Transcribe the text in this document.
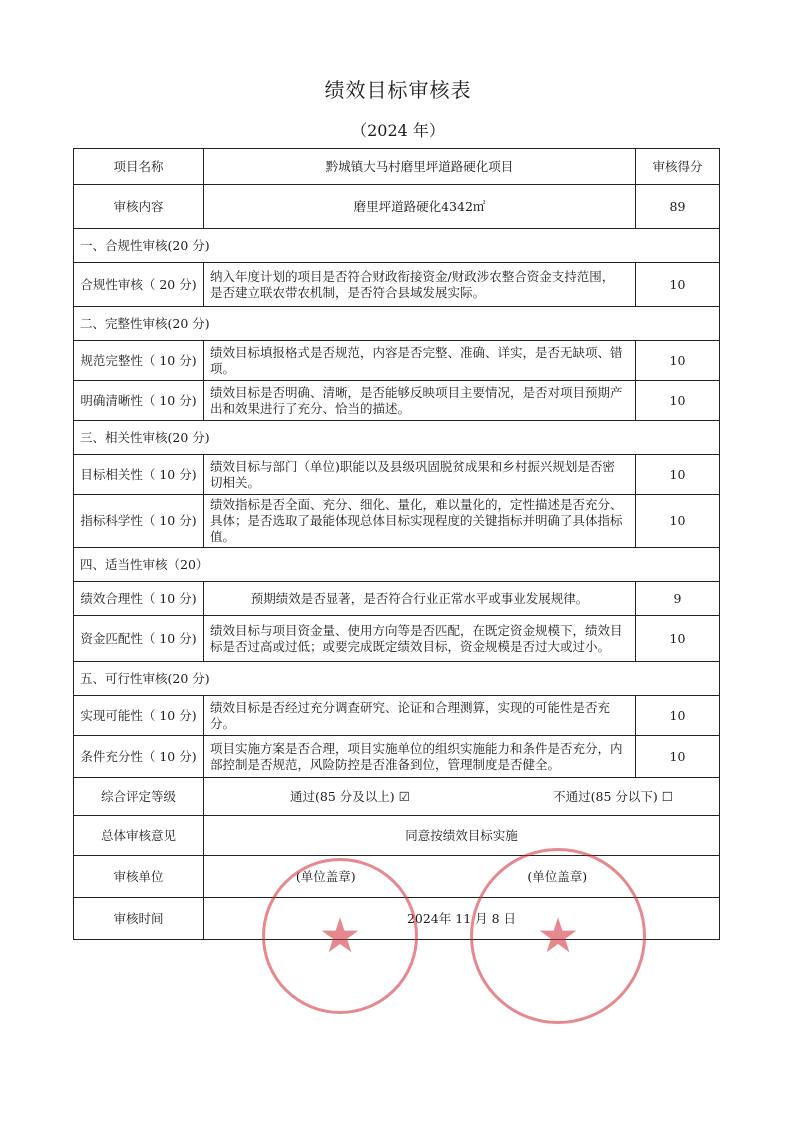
绩效目标审核表
（2024 年）
项目名称	黔城镇大马村磨里坪道路硬化项目	审核得分
审核内容	磨里坪道路硬化4342㎡	89
一、合规性审核(20 分)		
合规性审核（ 20 分)	纳入年度计划的项目是否符合财政衔接资金/财政涉农整合资金支持范围， 是否建立联农带农机制，是否符合县域发展实际。	10
二、完整性审核(20 分)		
规范完整性（ 10 分)	绩效目标填报格式是否规范，内容是否完整、准确、详实，是否无缺项、错 项。	10
明确清晰性（ 10 分)	绩效目标是否明确、清晰，是否能够反映项目主要情况，是否对项目预期产 出和效果进行了充分、恰当的描述。	10
三、相关性审核(20 分)		
目标相关性（ 10 分)	绩效目标与部门（单位)职能以及县级巩固脱贫成果和乡村振兴规划是否密 切相关。	10
指标科学性（ 10 分)	绩效指标是否全面、充分、细化、量化，难以量化的，定性描述是否充分、 具体；是否选取了最能体现总体目标实现程度的关键指标并明确了具体指标 值。	10
四、适当性审核（20）		
绩效合理性（ 10 分)	预期绩效是否显著，是否符合行业正常水平或事业发展规律。	9
资金匹配性（ 10 分)	绩效目标与项目资金量、使用方向等是否匹配，在既定资金规模下，绩效目 标是否过高或过低；或要完成既定绩效目标，资金规模是否过大或过小。	10
五、可行性审核(20 分)		
实现可能性（ 10 分)	绩效目标是否经过充分调查研究、论证和合理测算，实现的可能性是否充分。	10
条件充分性（ 10 分)	项目实施方案是否合理，项目实施单位的组织实施能力和条件是否充分，内 部控制是否规范，风险防控是否准备到位，管理制度是否健全。	10
综合评定等级	通过(85 分及以上) ☑ 不通过(85 分以下) ☐	

总体审核意见	同意按绩效目标实施	
审核单位	(单位盖章) (单位盖章)	

审核时间	2024年 11 月 8 日	
★	★
